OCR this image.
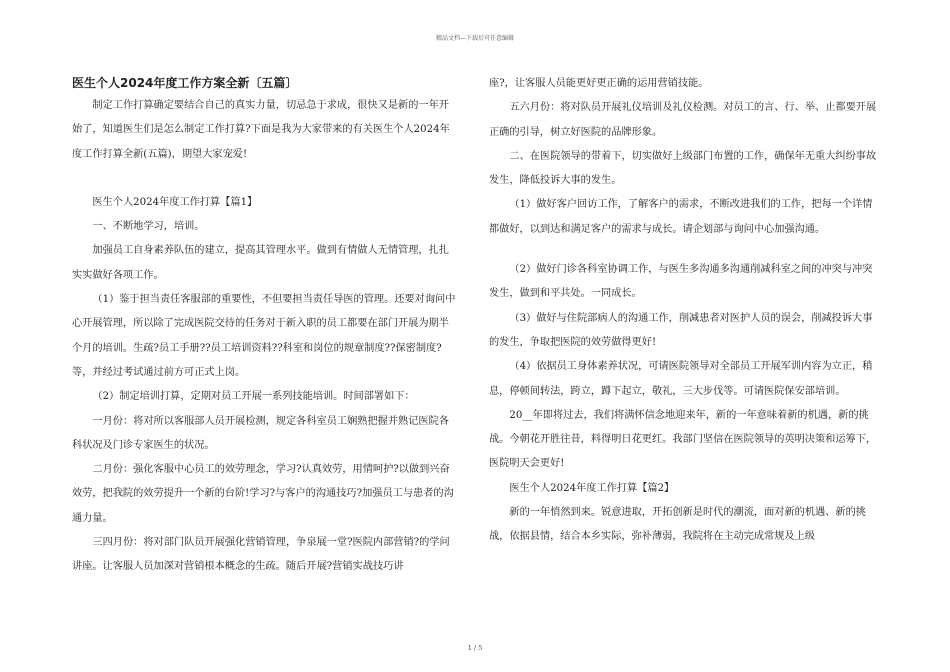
精品文档---下载后可任意编辑

医生个人2024年度工作方案全新〔五篇〕

制定工作打算确定要结合自己的真实力量，切忌急于求成，很快又是新的一年开始了，知道医生们是怎么制定工作打算?下面是我为大家带来的有关医生个人2024年度工作打算全新(五篇)，期望大家宠爱!

医生个人2024年度工作打算【篇1】

一、不断地学习，培训。

加强员工自身素养队伍的建立，提高其管理水平。做到有情做人无情管理，扎扎实实做好各项工作。

（1）鉴于担当责任客服部的重要性，不但要担当责任导医的管理。还要对询问中心开展管理，所以除了完成医院交待的任务对于新入职的员工都要在部门开展为期半个月的培训。生疏?员工手册??员工培训资料??科室和岗位的规章制度??保密制度?等，并经过考试通过前方可正式上岗。

（2）制定培训打算，定期对员工开展一系列技能培训。时间部署如下：

一月份：将对所以客服部人员开展检测，规定各科室员工娴熟把握并熟记医院各科状况及门诊专家医生的状况。

二月份：强化客服中心员工的效劳理念，学习?认真效劳，用情呵护?以做到兴奋效劳，把我院的效劳提升一个新的台阶!学习?与客户的沟通技巧?加强员工与患者的沟通力量。

三四月份：将对部门队员开展强化营销管理，争泉展一堂?医院内部营销?的学问讲座。让客服人员加深对营销根本概念的生疏。随后开展?营销实战技巧讲

座?，让客服人员能更好更正确的运用营销技能。

五六月份：将对队员开展礼仪培训及礼仪检测。对员工的言、行、举、止都要开展正确的引导，树立好医院的品牌形象。

二、在医院领导的带着下，切实做好上级部门布置的工作，确保年无重大纠纷事故发生，降低投诉大事的发生。

（1）做好客户回访工作，了解客户的需求，不断改进我们的工作，把每一个详情都做好，以到达和满足客户的需求与成长。请企划部与询问中心加强沟通。

（2）做好门诊各科室协调工作，与医生多沟通多沟通削减科室之间的冲突与冲突发生，做到和平共处。一同成长。

（3）做好与住院部病人的沟通工作，削减患者对医护人员的误会，削减投诉大事的发生，争取把医院的效劳做得更好!

（4）依据员工身体素养状况，可请医院领导对全部员工开展军训内容为立正，稍息，停顿间转法，跨立，蹲下起立，敬礼，三大步伐等。可请医院保安部培训。

20__年即将过去，我们将满怀信念地迎来年，新的一年意味着新的机遇，新的挑战。今朝花开胜往昔，料得明日花更红。我部门坚信在医院领导的英明决策和运筹下，医院明天会更好!

医生个人2024年度工作打算【篇2】

新的一年悄然到来。锐意进取，开拓创新是时代的潮流，面对新的机遇、新的挑战，依据县情，结合本乡实际，弥补薄弱，我院将在主动完成常规及上级

1 / 5
